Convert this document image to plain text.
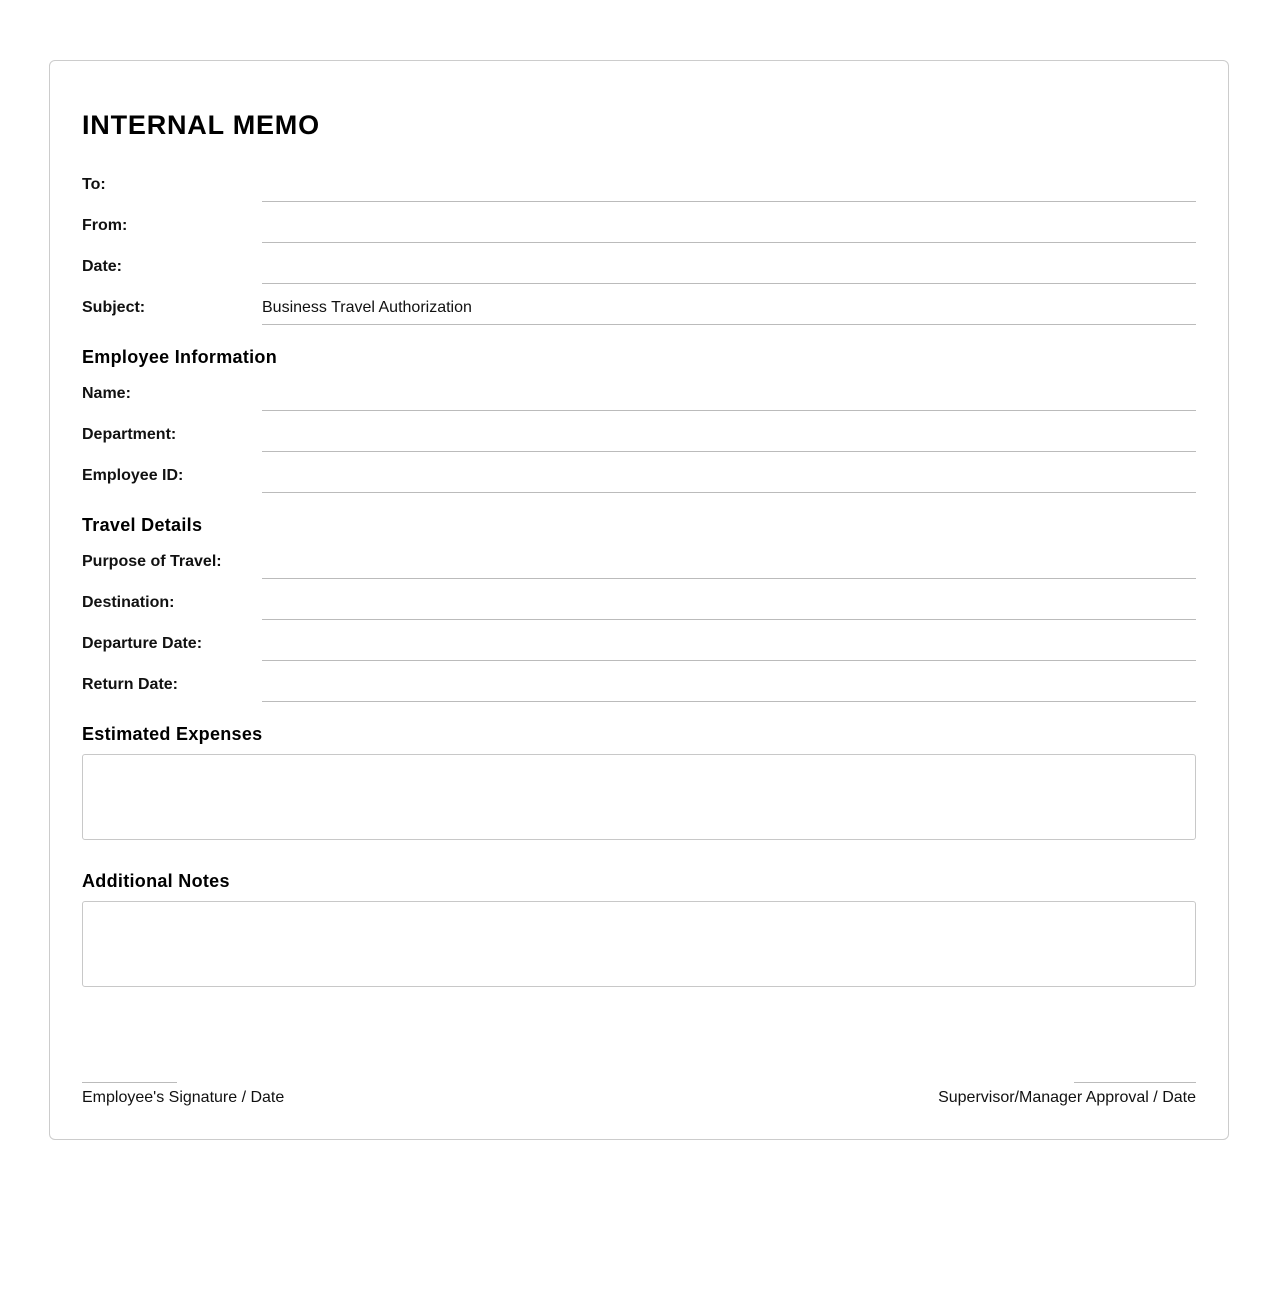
INTERNAL MEMO
To:
From:
Date:
Subject:	Business Travel Authorization
Employee Information
Name:
Department:
Employee ID:
Travel Details
Purpose of Travel:
Destination:
Departure Date:
Return Date:
Estimated Expenses
Additional Notes
Employee's Signature / Date	Supervisor/Manager Approval / Date
